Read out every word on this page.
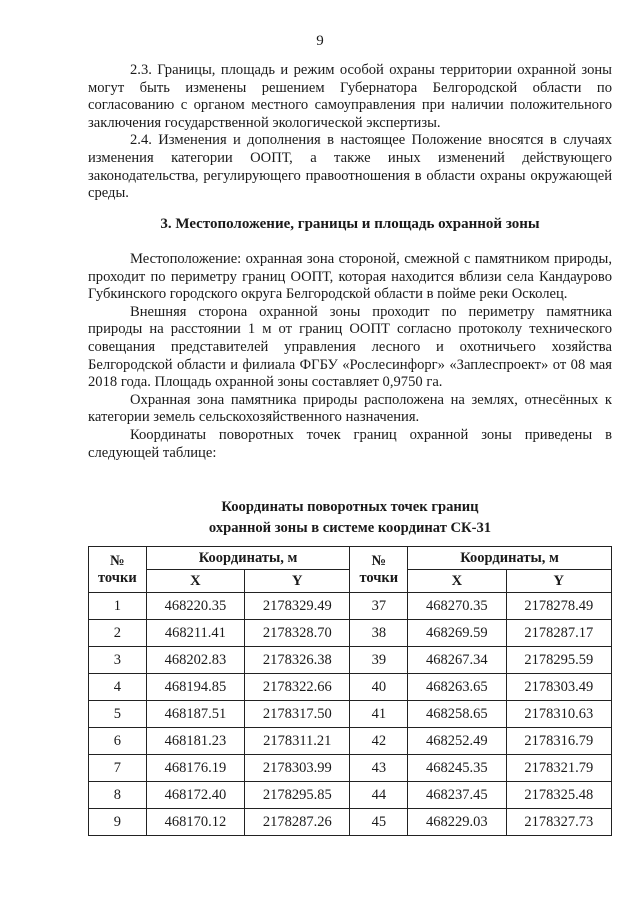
9

2.3. Границы, площадь и режим особой охраны территории охранной зоны могут быть изменены решением Губернатора Белгородской области по согласованию с органом местного самоуправления при наличии положительного заключения государственной экологической экспертизы.

2.4. Изменения и дополнения в настоящее Положение вносятся в случаях изменения категории ООПТ, а также иных изменений действующего законодательства, регулирующего правоотношения в области охраны окружающей среды.

3. Местоположение, границы и площадь охранной зоны

Местоположение: охранная зона стороной, смежной с памятником природы, проходит по периметру границ ООПТ, которая находится вблизи села Кандаурово Губкинского городского округа Белгородской области в пойме реки Осколец.

Внешняя сторона охранной зоны проходит по периметру памятника природы на расстоянии 1 м от границ ООПТ согласно протоколу технического совещания представителей управления лесного и охотничьего хозяйства Белгородской области и филиала ФГБУ «Рослесинфорг» «Заплеспроект» от 08 мая 2018 года. Площадь охранной зоны составляет 0,9750 га.

Охранная зона памятника природы расположена на землях, отнесённых к категории земель сельскохозяйственного назначения.

Координаты поворотных точек границ охранной зоны приведены в следующей таблице:

Координаты поворотных точек границ
охранной зоны в системе координат СК-31
№ точки	Координаты, м		№ точки	Координаты, м	
	X	Y		X	Y
1	468220.35	2178329.49	37	468270.35	2178278.49
2	468211.41	2178328.70	38	468269.59	2178287.17
3	468202.83	2178326.38	39	468267.34	2178295.59
4	468194.85	2178322.66	40	468263.65	2178303.49
5	468187.51	2178317.50	41	468258.65	2178310.63
6	468181.23	2178311.21	42	468252.49	2178316.79
7	468176.19	2178303.99	43	468245.35	2178321.79
8	468172.40	2178295.85	44	468237.45	2178325.48
9	468170.12	2178287.26	45	468229.03	2178327.73
